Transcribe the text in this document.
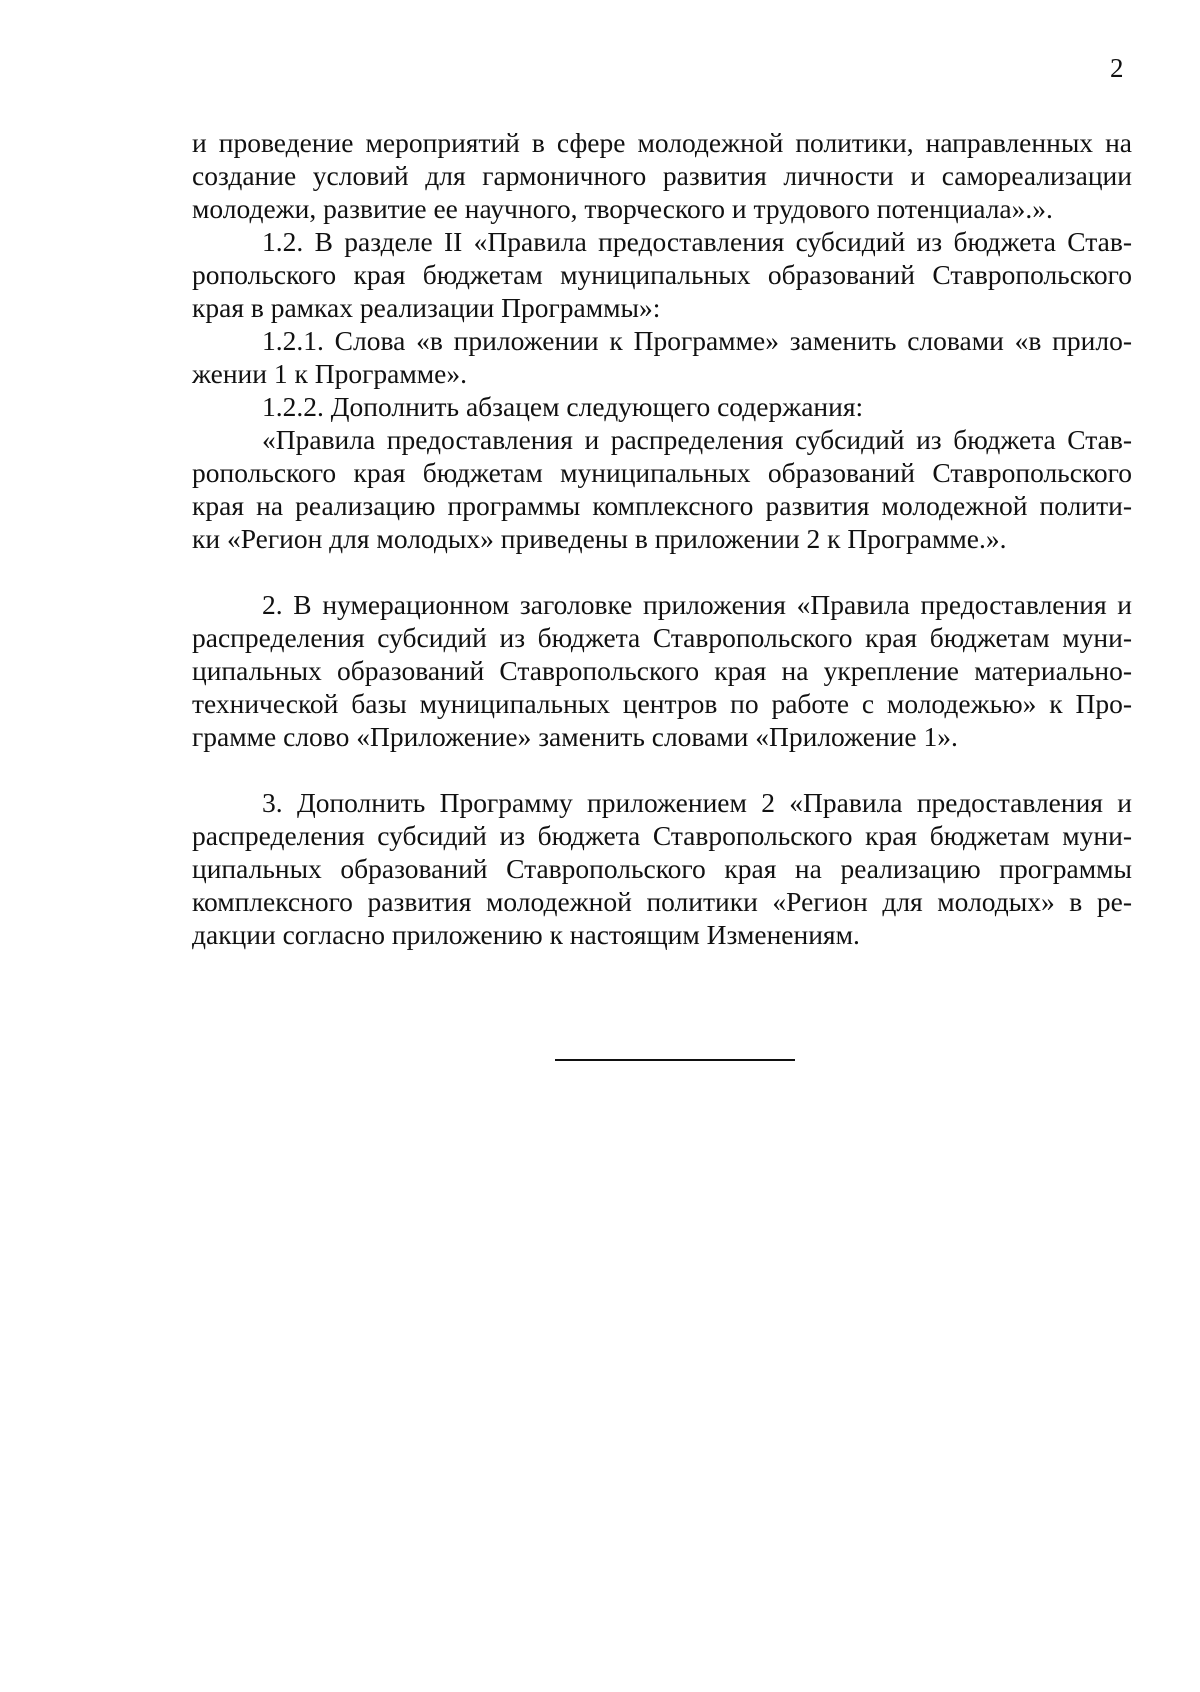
2
и проведение мероприятий в сфере молодежной политики, направленных на
создание условий для гармоничного развития личности и самореализации
молодежи, развитие ее научного, творческого и трудового потенциала».».
1.2. В разделе II «Правила предоставления субсидий из бюджета Став-
ропольского края бюджетам муниципальных образований Ставропольского
края в рамках реализации Программы»:
1.2.1. Слова «в приложении к Программе» заменить словами «в прило-
жении 1 к Программе».
1.2.2. Дополнить абзацем следующего содержания:
«Правила предоставления и распределения субсидий из бюджета Став-
ропольского края бюджетам муниципальных образований Ставропольского
края на реализацию программы комплексного развития молодежной полити-
ки «Регион для молодых» приведены в приложении 2 к Программе.».
2. В нумерационном заголовке приложения «Правила предоставления и
распределения субсидий из бюджета Ставропольского края бюджетам муни-
ципальных образований Ставропольского края на укрепление материально-
технической базы муниципальных центров по работе с молодежью» к Про-
грамме слово «Приложение» заменить словами «Приложение 1».
3. Дополнить Программу приложением 2 «Правила предоставления и
распределения субсидий из бюджета Ставропольского края бюджетам муни-
ципальных образований Ставропольского края на реализацию программы
комплексного развития молодежной политики «Регион для молодых» в ре-
дакции согласно приложению к настоящим Изменениям.
